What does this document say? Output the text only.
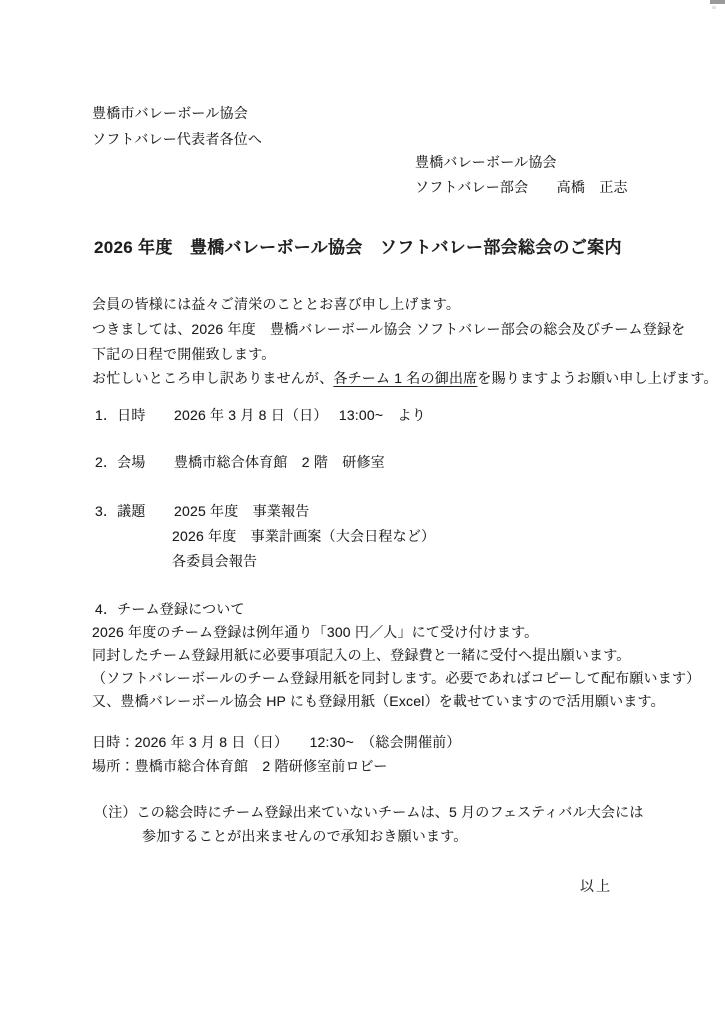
豊橋市バレーボール協会
ソフトバレー代表者各位へ
豊橋バレーボール協会
ソフトバレー部会　　高橋　正志
2026 年度　豊橋バレーボール協会　ソフトバレー部会総会のご案内
会員の皆様には益々ご清栄のこととお喜び申し上げます。
つきましては、2026 年度　豊橋バレーボール協会 ソフトバレー部会の総会及びチーム登録を
下記の日程で開催致します。
お忙しいところ申し訳ありませんが、各チーム 1 名の御出席を賜りますようお願い申し上げます。
1．日時　　2026 年 3 月 8 日（日）　 13:00~　より
2．会場　　豊橋市総合体育館　2 階　研修室
3．議題　　2025 年度　事業報告
2026 年度　事業計画案（大会日程など）
各委員会報告
4．チーム登録について
2026 年度のチーム登録は例年通り「300 円／人」にて受け付けます。
同封したチーム登録用紙に必要事項記入の上、登録費と一緒に受付へ提出願います。
（ソフトバレーボールのチーム登録用紙を同封します。必要であればコピーして配布願います）
又、豊橋バレーボール協会 HP にも登録用紙（Excel）を載せていますので活用願います。
日時：2026 年 3 月 8 日（日）　　12:30~　（総会開催前）
場所：豊橋市総合体育館　2 階研修室前ロビー
（注）この総会時にチーム登録出来ていないチームは、5 月のフェスティバル大会には
参加することが出来ませんので承知おき願います。
以上
